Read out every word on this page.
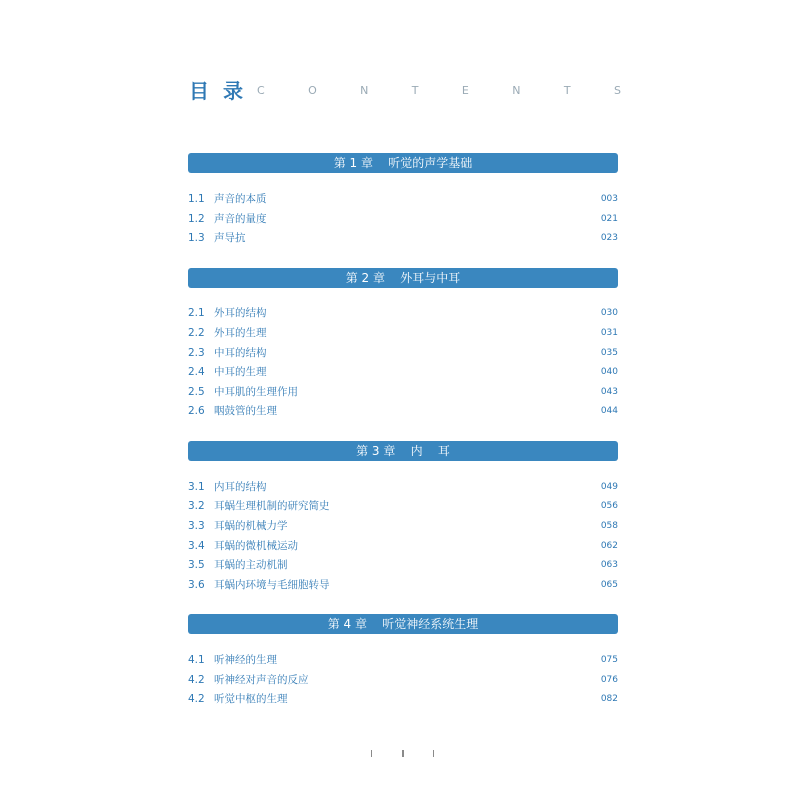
目录 C	O	N	T	E	N	T	S
第 1 章    听觉的声学基础
1.1 声音的本质	003
1.2 声音的量度	021
1.3 声导抗	023
第 2 章    外耳与中耳
2.1 外耳的结构	030
2.2 外耳的生理	031
2.3 中耳的结构	035
2.4 中耳的生理	040
2.5 中耳肌的生理作用	043
2.6 咽鼓管的生理	044
第 3 章    内    耳
3.1 内耳的结构	049
3.2 耳蜗生理机制的研究简史	056
3.3 耳蜗的机械力学	058
3.4 耳蜗的微机械运动	062
3.5 耳蜗的主动机制	063
3.6 耳蜗内环境与毛细胞转导	065
第 4 章    听觉神经系统生理
4.1 听神经的生理	075
4.2 听神经对声音的反应	076
4.2 听觉中枢的生理	082
